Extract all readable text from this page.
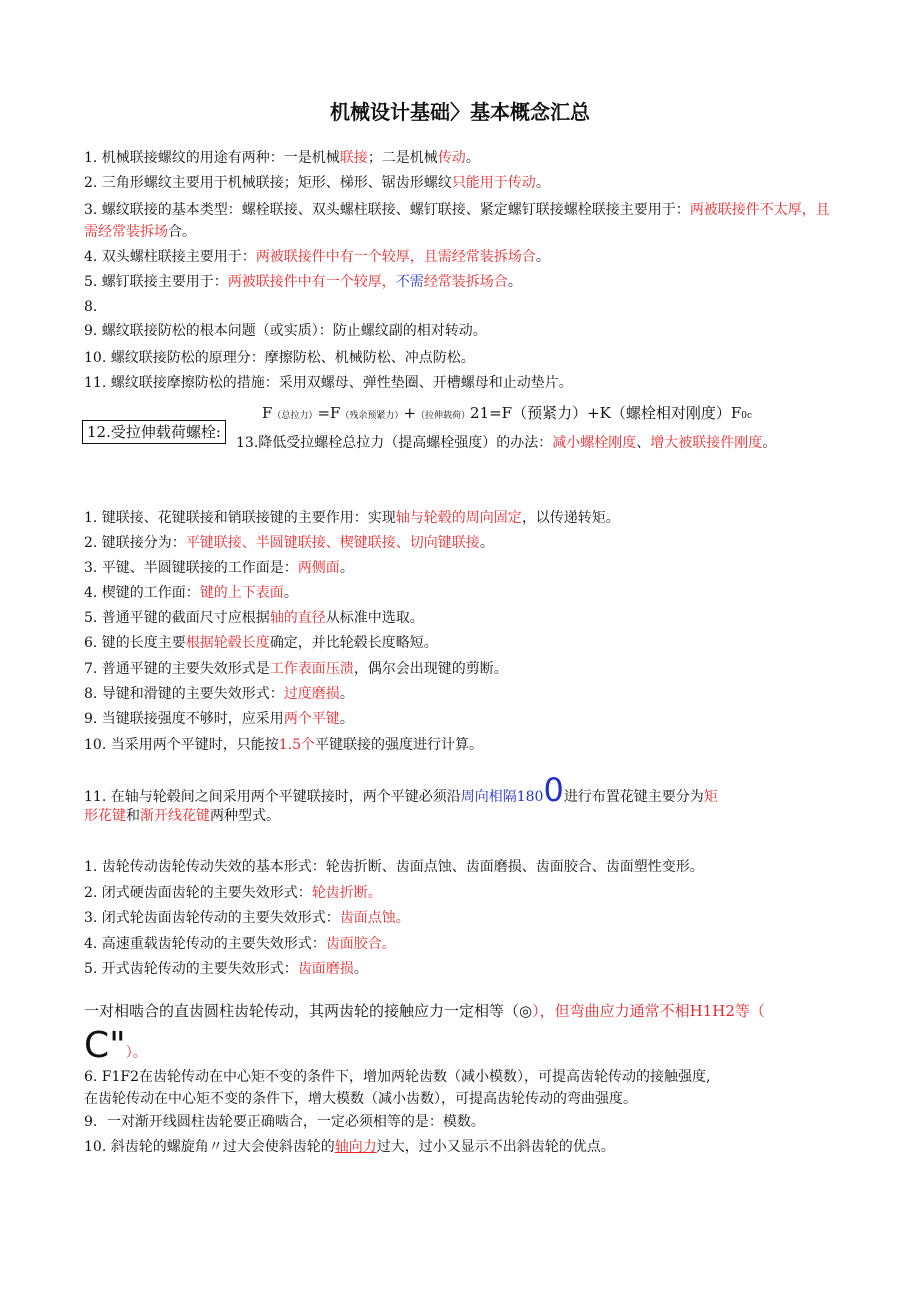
机械设计基础〉基本概念汇总
1. 机械联接螺纹的用途有两种：一是机械联接；二是机械传动。
2. 三角形螺纹主要用于机械联接；矩形、梯形、锯齿形螺纹只能用于传动。
3. 螺纹联接的基本类型：螺栓联接、双头螺柱联接、螺钉联接、紧定螺钉联接螺栓联接主要用于：两被联接件不太厚，且需经常装拆场合。
4. 双头螺柱联接主要用于：两被联接件中有一个较厚，且需经常装拆场合。
5. 螺钉联接主要用于：两被联接件中有一个较厚，不需经常装拆场合。
8.
9. 螺纹联接防松的根本问题（或实质）：防止螺纹副的相对转动。
10. 螺纹联接防松的原理分：摩擦防松、机械防松、冲点防松。
11. 螺纹联接摩擦防松的措施：采用双螺母、弹性垫圈、开槽螺母和止动垫片。
F（总拉力）=F（残余预紧力）+（拉伸载荷）21=F（预紧力）+K（螺栓相对刚度）F0c
12.受拉伸载荷螺栓:
13.降低受拉螺栓总拉力（提高螺栓强度）的办法：减小螺栓刚度、增大被联接件刚度。
1. 键联接、花键联接和销联接键的主要作用：实现轴与轮毂的周向固定，以传递转矩。
2. 键联接分为：平键联接、半圆键联接、楔键联接、切向键联接。
3. 平键、半圆键联接的工作面是：两侧面。
4. 楔键的工作面：键的上下表面。
5. 普通平键的截面尺寸应根据轴的直径从标准中选取。
6. 键的长度主要根据轮毂长度确定，并比轮毂长度略短。
7. 普通平键的主要失效形式是工作表面压溃，偶尔会出现键的剪断。
8. 导键和滑键的主要失效形式：过度磨损。
9. 当键联接强度不够时，应采用两个平键。
10. 当采用两个平键时，只能按1.5个平键联接的强度进行计算。
11. 在轴与轮毂间之间采用两个平键联接时，两个平键必须沿周向相隔1800进行布置花键主要分为矩
形花键和渐开线花键两种型式。
1. 齿轮传动齿轮传动失效的基本形式：轮齿折断、齿面点蚀、齿面磨损、齿面胶合、齿面塑性变形。
2. 闭式硬齿面齿轮的主要失效形式：轮齿折断。
3. 闭式轮齿面齿轮传动的主要失效形式：齿面点蚀。
4. 高速重载齿轮传动的主要失效形式：齿面胶合。
5. 开式齿轮传动的主要失效形式：齿面磨损。
一对相啮合的直齿圆柱齿轮传动，其两齿轮的接触应力一定相等（◎），但弯曲应力通常不相H1H2等（
C"）。
6. F1F2在齿轮传动在中心矩不变的条件下，增加两轮齿数（减小模数），可提高齿轮传动的接触强度,
在齿轮传动在中心矩不变的条件下，增大模数（减小齿数），可提高齿轮传动的弯曲强度。
9．一对渐开线圆柱齿轮要正确啮合，一定必须相等的是：模数。
10. 斜齿轮的螺旋角〃过大会使斜齿轮的轴向力过大，过小又显示不出斜齿轮的优点。
